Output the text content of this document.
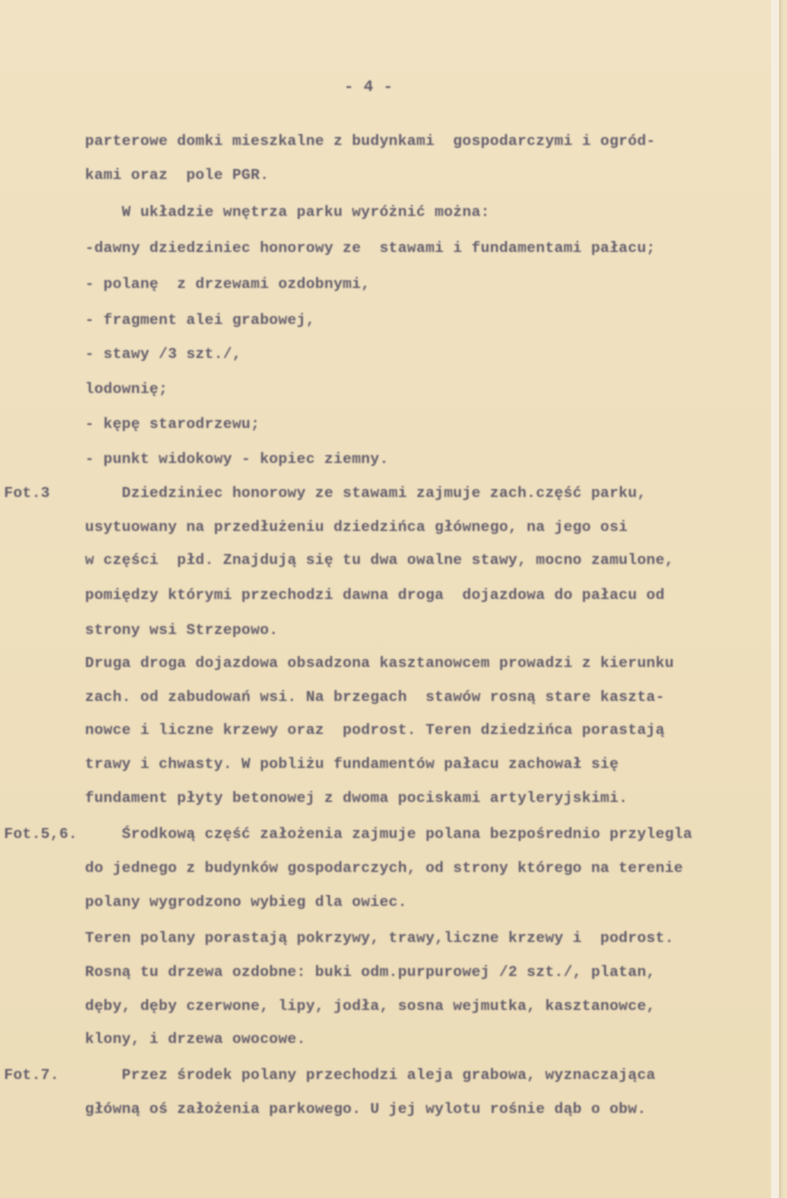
- 4 -
parterowe domki mieszkalne z budynkami  gospodarczymi i ogród-
kami oraz  pole PGR.
W układzie wnętrza parku wyróżnić można:
-dawny dziedziniec honorowy ze  stawami i fundamentami pałacu;
- polanę  z drzewami ozdobnymi,
- fragment alei grabowej,
- stawy /3 szt./,
lodownię;
- kępę starodrzewu;
- punkt widokowy - kopiec ziemny.
Fot.3 Dziedziniec honorowy ze stawami zajmuje zach.część parku,
usytuowany na przedłużeniu dziedzińca głównego, na jego osi
w części  płd. Znajdują się tu dwa owalne stawy, mocno zamulone,
pomiędzy którymi przechodzi dawna droga  dojazdowa do pałacu od
strony wsi Strzepowo.
Druga droga dojazdowa obsadzona kasztanowcem prowadzi z kierunku
zach. od zabudowań wsi. Na brzegach  stawów rosną stare kaszta-
nowce i liczne krzewy oraz  podrost. Teren dziedzińca porastają
trawy i chwasty. W pobliżu fundamentów pałacu zachował się
fundament płyty betonowej z dwoma pociskami artyleryjskimi.
Fot.5,6. Środkową część założenia zajmuje polana bezpośrednio przylegla
do jednego z budynków gospodarczych, od strony którego na terenie
polany wygrodzono wybieg dla owiec.
Teren polany porastają pokrzywy, trawy,liczne krzewy i  podrost.
Rosną tu drzewa ozdobne: buki odm.purpurowej /2 szt./, platan,
dęby, dęby czerwone, lipy, jodła, sosna wejmutka, kasztanowce,
klony, i drzewa owocowe.
Fot.7. Przez środek polany przechodzi aleja grabowa, wyznaczająca
główną oś założenia parkowego. U jej wylotu rośnie dąb o obw.
